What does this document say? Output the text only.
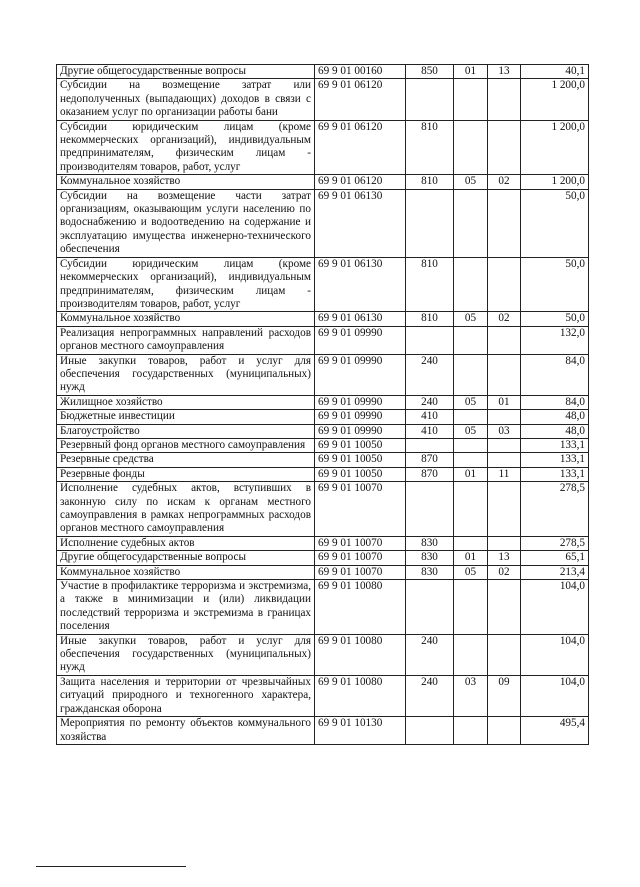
Другие общегосударственные вопросы	69 9 01 00160	850	01	13	40,1
Субсидии на возмещение затрат или недополученных (выпадающих) доходов в связи с оказанием услуг по организации работы бани	69 9 01 06120				1 200,0
Субсидии юридическим лицам (кроме некоммерческих организаций), индивидуальным предпринимателям, физическим лицам - производителям товаров, работ, услуг	69 9 01 06120	810			1 200,0
Коммунальное хозяйство	69 9 01 06120	810	05	02	1 200,0
Субсидии на возмещение части затрат организациям, оказывающим услуги населению по водоснабжению и водоотведению на содержание и эксплуатацию имущества инженерно-технического обеспечения	69 9 01 06130				50,0
Субсидии юридическим лицам (кроме некоммерческих организаций), индивидуальным предпринимателям, физическим лицам - производителям товаров, работ, услуг	69 9 01 06130	810			50,0
Коммунальное хозяйство	69 9 01 06130	810	05	02	50,0
Реализация непрограммных направлений расходов органов местного самоуправления	69 9 01 09990				132,0
Иные закупки товаров, работ и услуг для обеспечения государственных (муниципальных) нужд	69 9 01 09990	240			84,0
Жилищное хозяйство	69 9 01 09990	240	05	01	84,0
Бюджетные инвестиции	69 9 01 09990	410			48,0
Благоустройство	69 9 01 09990	410	05	03	48,0
Резервный фонд органов местного самоуправления	69 9 01 10050				133,1
Резервные средства	69 9 01 10050	870			133,1
Резервные фонды	69 9 01 10050	870	01	11	133,1
Исполнение судебных актов, вступивших в законную силу по искам к органам местного самоуправления в рамках непрограммных расходов органов местного самоуправления	69 9 01 10070				278,5
Исполнение судебных актов	69 9 01 10070	830			278,5
Другие общегосударственные вопросы	69 9 01 10070	830	01	13	65,1
Коммунальное хозяйство	69 9 01 10070	830	05	02	213,4
Участие в профилактике терроризма и экстремизма, а также в минимизации и (или) ликвидации последствий терроризма и экстремизма в границах поселения	69 9 01 10080				104,0
Иные закупки товаров, работ и услуг для обеспечения государственных (муниципальных) нужд	69 9 01 10080	240			104,0
Защита населения и территории от чрезвычайных ситуаций природного и техногенного характера, гражданская оборона	69 9 01 10080	240	03	09	104,0
Мероприятия по ремонту объектов коммунального хозяйства	69 9 01 10130				495,4
